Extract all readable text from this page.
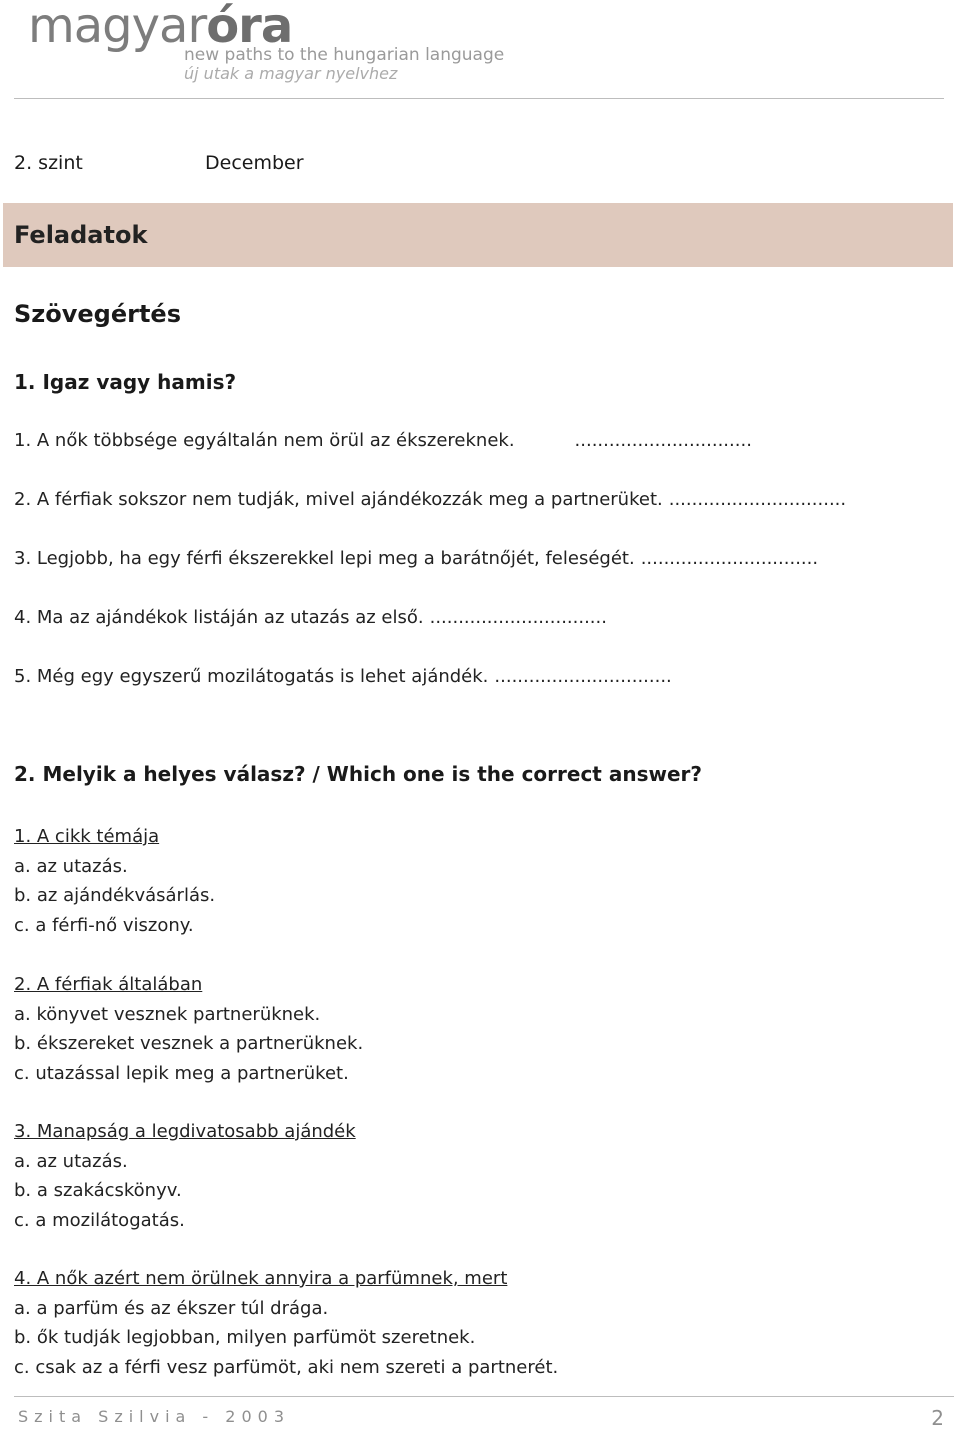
magyaróra
new paths to the hungarian language
új utak a magyar nyelvhez
2. szint	December
Feladatok
Szövegértés
1. Igaz vagy hamis?
1. A nők többsége egyáltalán nem örül az ékszereknek.	...............................
2. A férfiak sokszor nem tudják, mivel ajándékozzák meg a partnerüket. ...............................
3. Legjobb, ha egy férfi ékszerekkel lepi meg a barátnőjét, feleségét. ...............................
4. Ma az ajándékok listáján az utazás az első. ...............................
5. Még egy egyszerű mozilátogatás is lehet ajándék. ...............................
2. Melyik a helyes válasz? / Which one is the correct answer?
1. A cikk témája
a. az utazás.
b. az ajándékvásárlás.
c. a férfi-nő viszony.
2. A férfiak általában
a. könyvet vesznek partnerüknek.
b. ékszereket vesznek a partnerüknek.
c. utazással lepik meg a partnerüket.
3. Manapság a legdivatosabb ajándék
a. az utazás.
b. a szakácskönyv.
c. a mozilátogatás.
4. A nők azért nem örülnek annyira a parfümnek, mert
a. a parfüm és az ékszer túl drága.
b. ők tudják legjobban, milyen parfümöt szeretnek.
c. csak az a férfi vesz parfümöt, aki nem szereti a partnerét.
Szita Szilvia - 2003	2
